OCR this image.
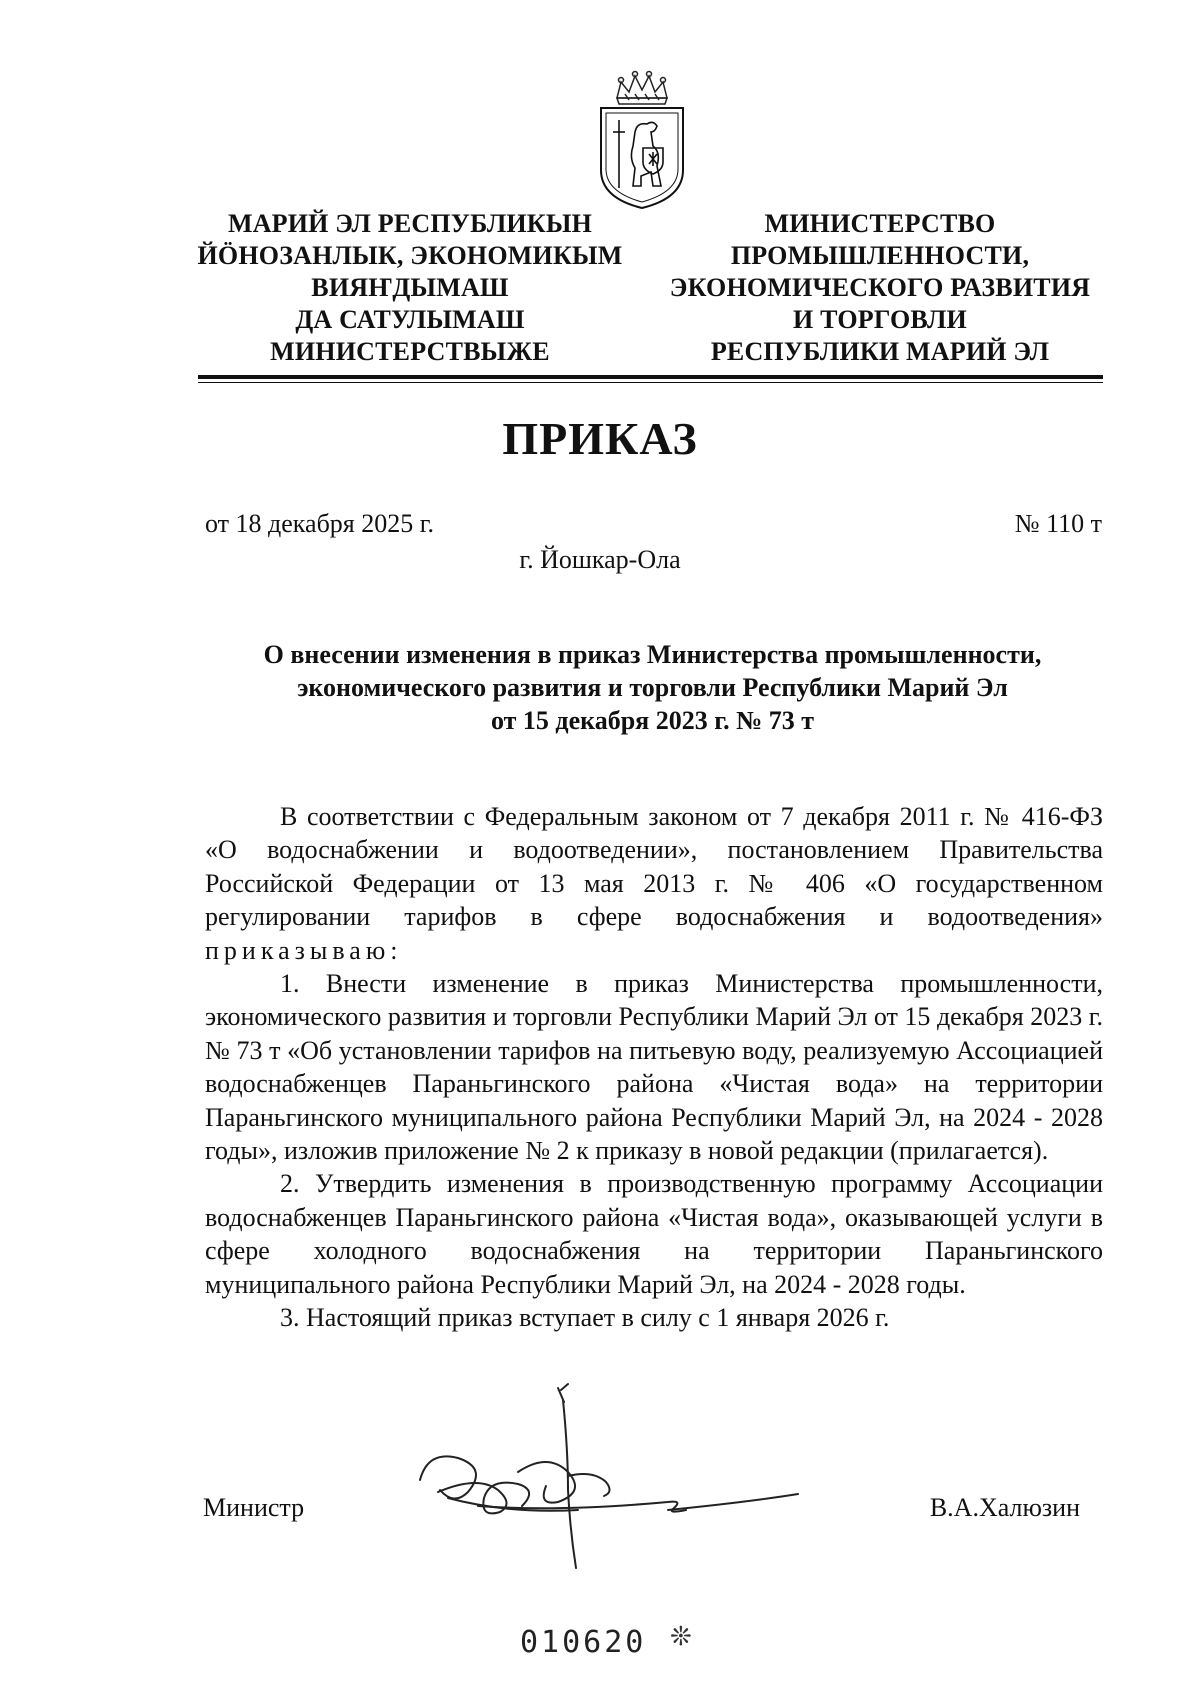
МАРИЙ ЭЛ РЕСПУБЛИКЫН
ЙӦНОЗАНЛЫК, ЭКОНОМИКЫМ
ВИЯҤДЫМАШ
ДА САТУЛЫМАШ
МИНИСТЕРСТВЫЖЕ
МИНИСТЕРСТВО
ПРОМЫШЛЕННОСТИ,
ЭКОНОМИЧЕСКОГО РАЗВИТИЯ
И ТОРГОВЛИ
РЕСПУБЛИКИ МАРИЙ ЭЛ
ПРИКАЗ
от 18 декабря 2025 г.	№ 110 т
г. Йошкар-Ола
О внесении изменения в приказ Министерства промышленности,
экономического развития и торговли Республики Марий Эл
от 15 декабря 2023 г. № 73 т

В соответствии с Федеральным законом от 7 декабря 2011 г. № 416-ФЗ «О водоснабжении и водоотведении», постановлением Правительства Российской Федерации от 13 мая 2013 г. № 406 «О государственном регулировании тарифов в сфере водоснабжения и водоотведения» приказываю:

1. Внести изменение в приказ Министерства промышленности, экономического развития и торговли Республики Марий Эл от 15 декабря 2023 г. № 73 т «Об установлении тарифов на питьевую воду, реализуемую Ассоциацией водоснабженцев Параньгинского района «Чистая вода» на территории Параньгинского муниципального района Республики Марий Эл, на 2024 - 2028 годы», изложив приложение № 2 к приказу в новой редакции (прилагается).

2. Утвердить изменения в производственную программу Ассоциации водоснабженцев Параньгинского района «Чистая вода», оказывающей услуги в сфере холодного водоснабжения на территории Параньгинского муниципального района Республики Марий Эл, на 2024 - 2028 годы.

3. Настоящий приказ вступает в силу с 1 января 2026 г.

Министр	В.А.Халюзин
010620 ❊
